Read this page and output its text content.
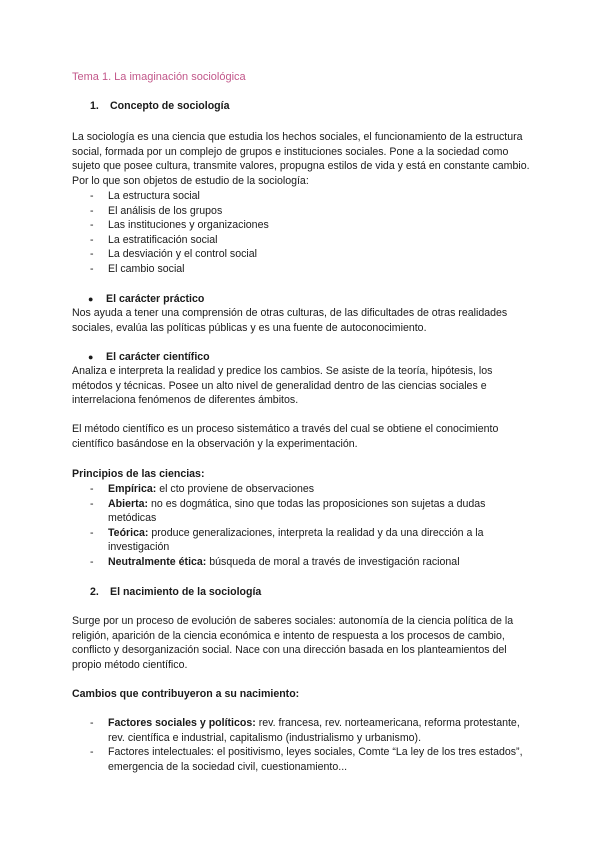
Tema 1. La imaginación sociológica
1. Concepto de sociología
La sociología es una ciencia que estudia los hechos sociales, el funcionamiento de la estructura social, formada por un complejo de grupos e instituciones sociales. Pone a la sociedad como sujeto que posee cultura, transmite valores, propugna estilos de vida y está en constante cambio. Por lo que son objetos de estudio de la sociología:
- La estructura social
- El análisis de los grupos
- Las instituciones y organizaciones
- La estratificación social
- La desviación y el control social
- El cambio social
● El carácter práctico
Nos ayuda a tener una comprensión de otras culturas, de las dificultades de otras realidades sociales, evalúa las políticas públicas y es una fuente de autoconocimiento.
● El carácter científico
Analiza e interpreta la realidad y predice los cambios. Se asiste de la teoría, hipótesis, los métodos y técnicas. Posee un alto nivel de generalidad dentro de las ciencias sociales e interrelaciona fenómenos de diferentes ámbitos.
El método científico es un proceso sistemático a través del cual se obtiene el conocimiento científico basándose en la observación y la experimentación.
Principios de las ciencias:
- Empírica: el cto proviene de observaciones
- Abierta: no es dogmática, sino que todas las proposiciones son sujetas a dudas metódicas
- Teórica: produce generalizaciones, interpreta la realidad y da una dirección a la investigación
- Neutralmente ética: búsqueda de moral a través de investigación racional
2. El nacimiento de la sociología
Surge por un proceso de evolución de saberes sociales: autonomía de la ciencia política de la religión, aparición de la ciencia económica e intento de respuesta a los procesos de cambio, conflicto y desorganización social. Nace con una dirección basada en los planteamientos del propio método científico.
Cambios que contribuyeron a su nacimiento:
- Factores sociales y políticos: rev. francesa, rev. norteamericana, reforma protestante, rev. científica e industrial, capitalismo (industrialismo y urbanismo).
- Factores intelectuales: el positivismo, leyes sociales, Comte “La ley de los tres estados”, emergencia de la sociedad civil, cuestionamiento...
